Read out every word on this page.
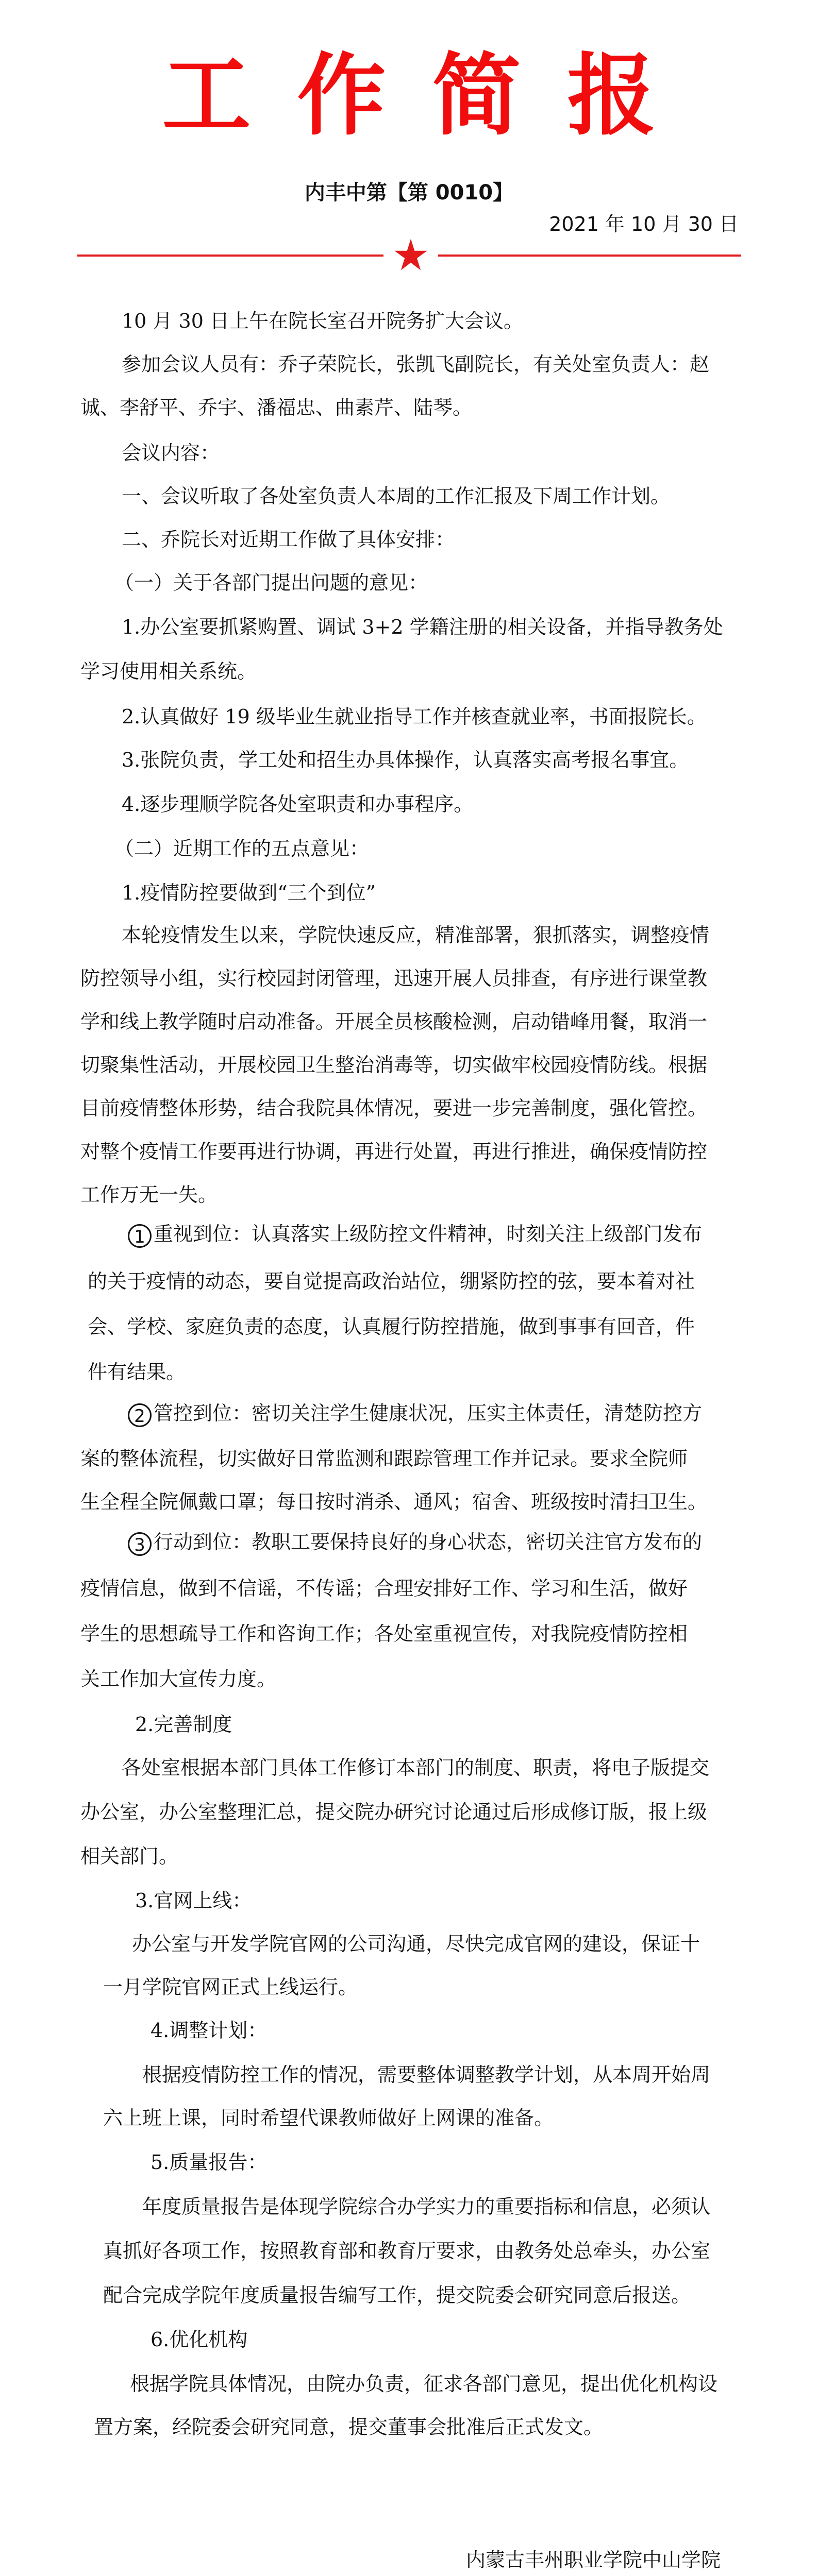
工作简报
内丰中第【第 0010】
2021 年 10 月 30 日
10 月 30 日上午在院长室召开院务扩大会议。
参加会议人员有：乔子荣院长，张凯飞副院长，有关处室负责人：赵
诚、李舒平、乔宇、潘福忠、曲素芹、陆琴。
会议内容：
一、会议听取了各处室负责人本周的工作汇报及下周工作计划。
二、乔院长对近期工作做了具体安排：
（一）关于各部门提出问题的意见：
1.办公室要抓紧购置、调试 3+2 学籍注册的相关设备，并指导教务处
学习使用相关系统。
2.认真做好 19 级毕业生就业指导工作并核查就业率，书面报院长。
3.张院负责，学工处和招生办具体操作，认真落实高考报名事宜。
4.逐步理顺学院各处室职责和办事程序。
（二）近期工作的五点意见：
1.疫情防控要做到“三个到位”
本轮疫情发生以来，学院快速反应，精准部署，狠抓落实，调整疫情
防控领导小组，实行校园封闭管理，迅速开展人员排查，有序进行课堂教
学和线上教学随时启动准备。开展全员核酸检测，启动错峰用餐，取消一
切聚集性活动，开展校园卫生整治消毒等，切实做牢校园疫情防线。根据
目前疫情整体形势，结合我院具体情况，要进一步完善制度，强化管控。
对整个疫情工作要再进行协调，再进行处置，再进行推进，确保疫情防控
工作万无一失。
1 重视到位：认真落实上级防控文件精神，时刻关注上级部门发布
的关于疫情的动态，要自觉提高政治站位，绷紧防控的弦，要本着对社
会、学校、家庭负责的态度，认真履行防控措施，做到事事有回音，件
件有结果。
2 管控到位：密切关注学生健康状况，压实主体责任，清楚防控方
案的整体流程，切实做好日常监测和跟踪管理工作并记录。要求全院师
生全程全院佩戴口罩；每日按时消杀、通风；宿舍、班级按时清扫卫生。
3 行动到位：教职工要保持良好的身心状态，密切关注官方发布的
疫情信息，做到不信谣，不传谣；合理安排好工作、学习和生活，做好
学生的思想疏导工作和咨询工作；各处室重视宣传，对我院疫情防控相
关工作加大宣传力度。
2.完善制度
各处室根据本部门具体工作修订本部门的制度、职责，将电子版提交
办公室，办公室整理汇总，提交院办研究讨论通过后形成修订版，报上级
相关部门。
3.官网上线：
办公室与开发学院官网的公司沟通，尽快完成官网的建设，保证十
一月学院官网正式上线运行。
4.调整计划：
根据疫情防控工作的情况，需要整体调整教学计划，从本周开始周
六上班上课，同时希望代课教师做好上网课的准备。
5.质量报告：
年度质量报告是体现学院综合办学实力的重要指标和信息，必须认
真抓好各项工作，按照教育部和教育厅要求，由教务处总牵头，办公室
配合完成学院年度质量报告编写工作，提交院委会研究同意后报送。
6.优化机构
根据学院具体情况，由院办负责，征求各部门意见，提出优化机构设
置方案，经院委会研究同意，提交董事会批准后正式发文。
内蒙古丰州职业学院中山学院
